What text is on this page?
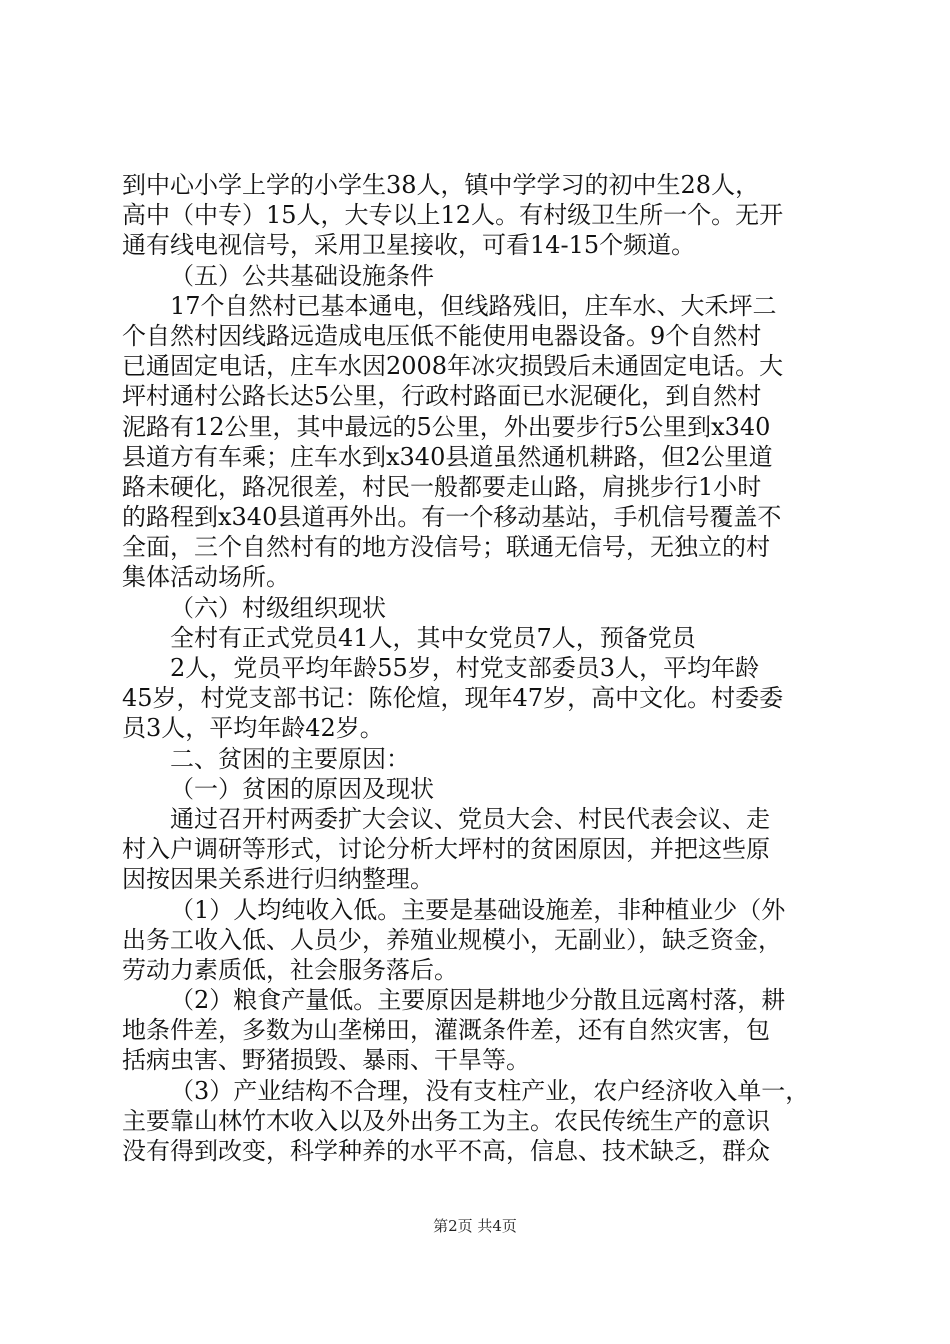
到中心小学上学的小学生38人，镇中学学习的初中生28人，
高中（中专）15人，大专以上12人。有村级卫生所一个。无开
通有线电视信号，采用卫星接收，可看14-15个频道。
（五）公共基础设施条件
17个自然村已基本通电，但线路残旧，庄车水、大禾坪二
个自然村因线路远造成电压低不能使用电器设备。9个自然村
已通固定电话，庄车水因2008年冰灾损毁后未通固定电话。大
坪村通村公路长达5公里，行政村路面已水泥硬化，到自然村
泥路有12公里，其中最远的5公里，外出要步行5公里到x340
县道方有车乘；庄车水到x340县道虽然通机耕路，但2公里道
路未硬化，路况很差，村民一般都要走山路，肩挑步行1小时
的路程到x340县道再外出。有一个移动基站，手机信号覆盖不
全面，三个自然村有的地方没信号；联通无信号，无独立的村
集体活动场所。
（六）村级组织现状
全村有正式党员41人，其中女党员7人，预备党员
2人，党员平均年龄55岁，村党支部委员3人，平均年龄
45岁，村党支部书记：陈伦煊，现年47岁，高中文化。村委委
员3人，平均年龄42岁。
二、贫困的主要原因：
（一）贫困的原因及现状
通过召开村两委扩大会议、党员大会、村民代表会议、走
村入户调研等形式，讨论分析大坪村的贫困原因，并把这些原
因按因果关系进行归纳整理。
（1）人均纯收入低。主要是基础设施差，非种植业少（外
出务工收入低、人员少，养殖业规模小，无副业），缺乏资金，
劳动力素质低，社会服务落后。
（2）粮食产量低。主要原因是耕地少分散且远离村落，耕
地条件差，多数为山垄梯田，灌溉条件差，还有自然灾害，包
括病虫害、野猪损毁、暴雨、干旱等。
（3）产业结构不合理，没有支柱产业，农户经济收入单一，
主要靠山林竹木收入以及外出务工为主。农民传统生产的意识
没有得到改变，科学种养的水平不高，信息、技术缺乏，群众
第2页 共4页
